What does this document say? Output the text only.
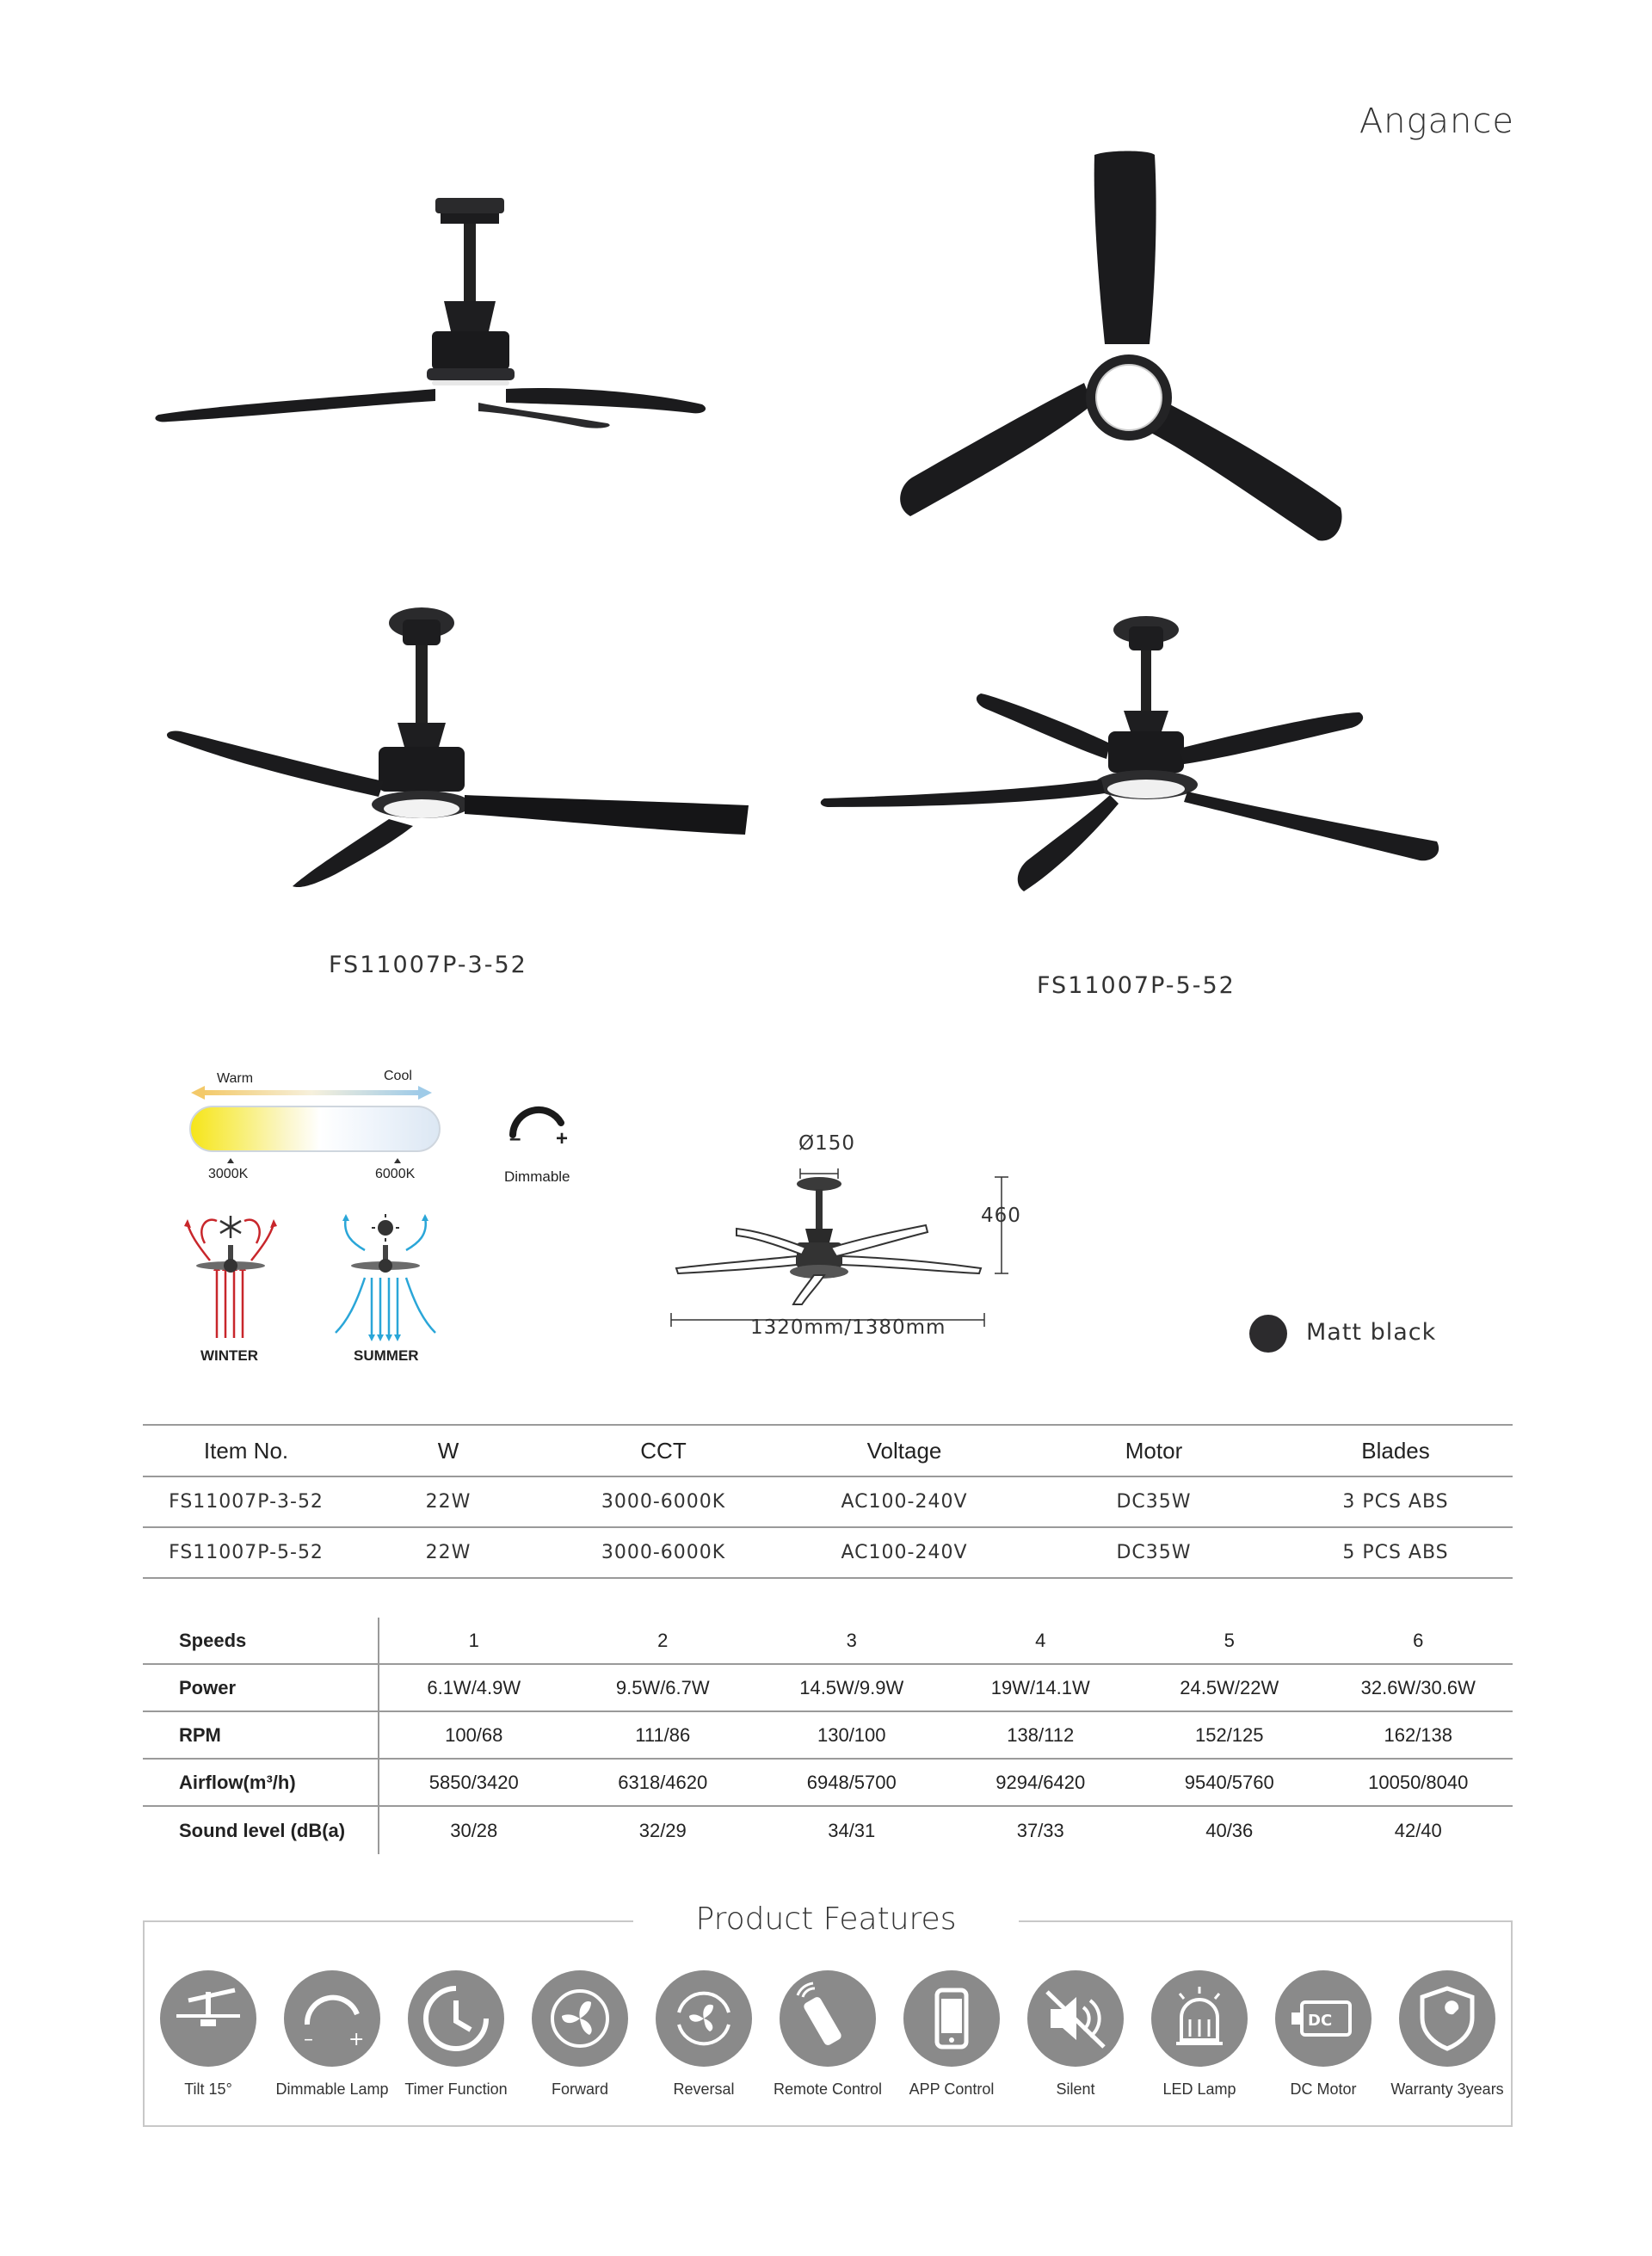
Angance
FS11007P-3-52
FS11007P-5-52
Warm	Cool
3000K	6000K
– +
Dimmable
WINTER	SUMMER
Ø150
460
1320mm/1380mm	Matt black
Item No.	W	CCT	Voltage	Motor	Blades
FS11007P-3-52	22W	3000-6000K	AC100-240V	DC35W	3 PCS ABS
FS11007P-5-52	22W	3000-6000K	AC100-240V	DC35W	5 PCS ABS
Speeds	1	2	3	4	5	6
Power	6.1W/4.9W	9.5W/6.7W	14.5W/9.9W	19W/14.1W	24.5W/22W	32.6W/30.6W
RPM	100/68	111/86	130/100	138/112	152/125	162/138
Airflow(m³/h)	5850/3420	6318/4620	6948/5700	9294/6420	9540/5760	10050/8040
Sound level (dB(a)	30/28	32/29	34/31	37/33	40/36	42/40
Product Features
Tilt 15°
– +
Dimmable Lamp Timer Function	Forward	Reversal	Remote Control APP Control	Silent	LED Lamp
DC
DC Motor Warranty 3years
